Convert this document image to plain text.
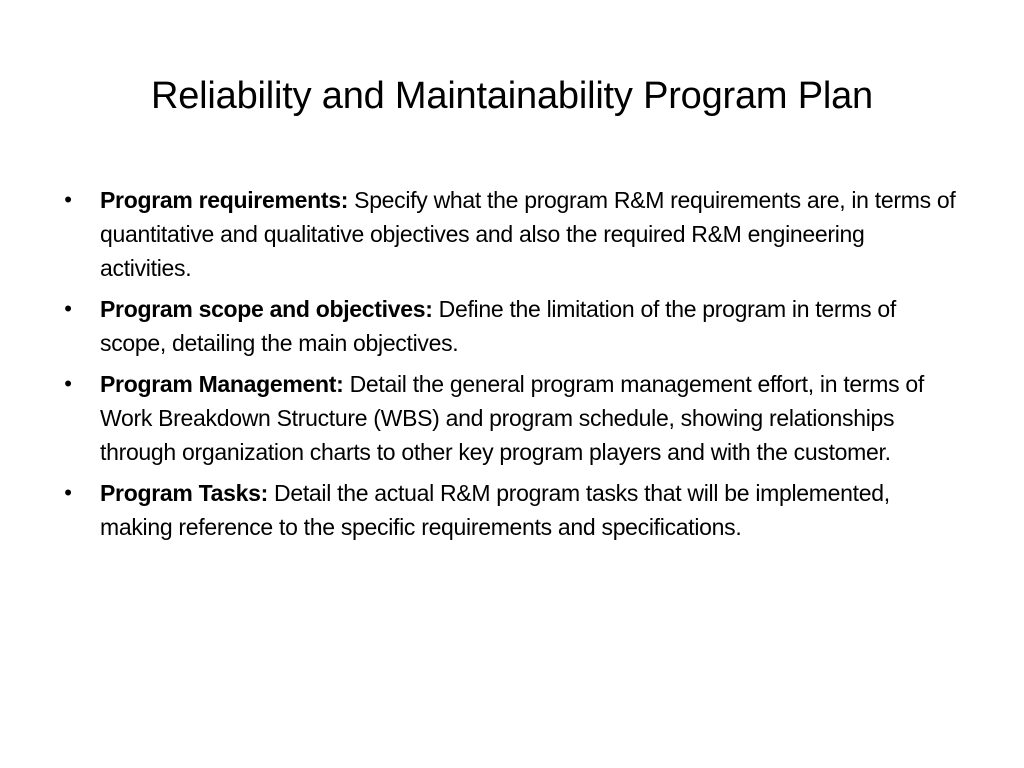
Reliability and Maintainability Program Plan
• Program requirements: Specify what the program R&M requirements are, in terms of quantitative and qualitative objectives and also the required R&M engineering activities.
• Program scope and objectives: Define the limitation of the program in terms of scope, detailing the main objectives.
• Program Management: Detail the general program management effort, in terms of Work Breakdown Structure (WBS) and program schedule, showing relationships through organization charts to other key program players and with the customer.
• Program Tasks: Detail the actual R&M program tasks that will be implemented, making reference to the specific requirements and specifications.
